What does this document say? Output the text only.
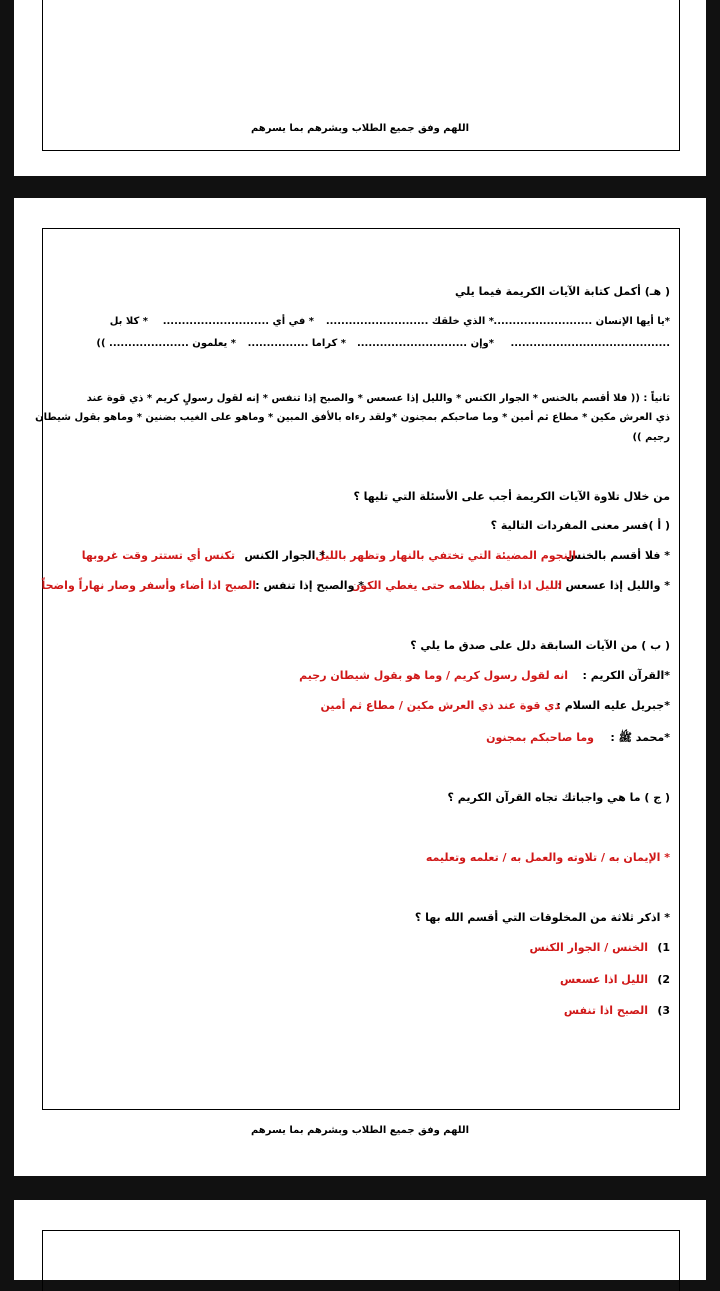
اللهم وفق جميع الطلاب وبشرهم بما يسرهم
( هـ) أكمل كتابة الآيات الكريمة فيما يلي
*يا أيها الإنسان ..........................
* الذي خلقك ...........................
* في أي ............................
* كلا بل
..........................................
*وإن .............................
* كراما ................
* يعلمون ..................... ))
ثانياً : (( فلا أقسم بالخنس * الجوار الكنس * والليل إذا عسعس * والصبح إذا تنفس * إنه لقول رسولٍ كريم * ذي قوة عند
ذي العرش مكين * مطاع ثم أمين * وما صاحبكم بمجنون *ولقد رءاه بالأفق المبين * وماهو على الغيب بضنين * وماهو بقول شيطان
رجيم ))
من خلال تلاوة الآيات الكريمة أجب على الأسئلة التي تليها ؟
( أ )فسر معنى المفردات التالية ؟
* فلا أقسم بالخنس
النجوم المضيئة التي تختفي بالنهار وتظهر بالليل
* الجوار الكنس
تكنس أي تستتر وقت غروبها
* والليل إذا عسعس :
الليل اذا أقبل بظلامه حتى يغطي الكون
* والصبح إذا تنفس :
الصبح اذا أضاء وأسفر وصار نهاراً واضحاً
( ب ) من الآيات السابقة دلل على صدق ما يلي ؟
*القرآن الكريم :
انه لقول رسول كريم / وما هو بقول شيطان رجيم
*جبريل عليه السلام :
ذي قوة عند ذي العرش مكين / مطاع ثم أمين
*محمد ﷺ :
وما صاحبكم بمجنون
( ج ) ما هي واجباتك تجاه القرآن الكريم ؟
* الإيمان به / تلاوته والعمل به / تعلمه وتعليمه
* اذكر ثلاثة من المخلوقات التي أقسم الله بها ؟
1)
الخنس / الجوار الكنس
2)
الليل اذا عسعس
3)
الصبح اذا تنفس
اللهم وفق جميع الطلاب وبشرهم بما يسرهم
